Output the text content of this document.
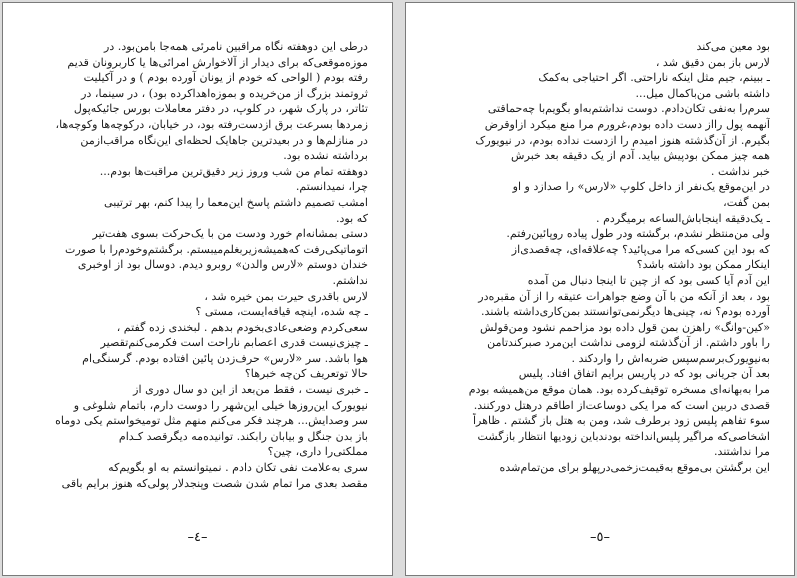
درطی این دوهفته نگاه مراقبین نامرئی همه‌جا بامن‌بود. در
موزه‌موقعی‌که برای دیدار از آلاخوارش امرائی‌ها یا کاربرونان قدیم
رفته بودم ( الواحی که خودم از یونان آورده بودم ) و در آکیلیت
ثروتمند بزرگ از من‌خریده و بموزه‌اهداکرده بود) ، در سینما، در
تئاتر، در پارک شهر، در کلوپ، در دفتر معاملات بورس جائیکه‌پول
زمردها بسرعت برق ازدست‌رفته بود، در خیابان، درکوچه‌ها وکوچه‌ها،
در منازلم‌ها و در بعیدترین جاهایک لحظه‌ای این‌نگاه مراقب‌ازمن
برداشته نشده بود.
دوهفته تمام من شب وروز زیر دقیق‌ترین مراقبت‌ها بودم...
چرا، نمیدانستم.
امشب تصمیم داشتم پاسخ این‌معما را پیدا کنم، بهر ترتیبی
که بود.
دستی بمشانه‌ام خورد ودست من با یک‌حرکت بسوی هفت‌تیر
اتوماتیکی‌رفت که‌همیشه‌زیربغلم‌میبستم. برگشتم‌وخودم‌را با صورت
خندان دوستم «لارس والدن» روبرو دیدم. دوسال بود از اوخبری
نداشتم.
لارس باقدری حیرت بمن خیره شد ،
ـ چه شده، اینچه قیافه‌ایست، مستی ؟
سعی‌کردم وضعی‌عادی‌بخودم بدهم . لبخندی زده گفتم ،
ـ چیزی‌نیست قدری اعصابم ناراحت است فکرمی‌کنم‌تقصیر
هوا باشد. سر «لارس» حرف‌زدن پائین افتاده بودم. گرسنگی‌ام
حالا توتعریف کن‌چه خبرها؟
ـ خبری نیست ، فقط من‌بعد از این دو سال دوری از
نیویورک این‌روزها خیلی این‌شهر را دوست دارم، باتمام شلوغی و
سر وصدایش... هرچند فکر می‌کنم منهم مثل تو‌میخواستم یکی دوماه
باز بدن جنگل و بیابان رابکند. توانیده‌مه دیگرقصد کـدام
مملکتی‌را داری، چین؟
سری به‌علامت نفی تکان دادم . نمیتوانستم به او بگویم‌که
مقصد بعدی مرا تمام شدن شصت وپنجدلار پولی‌که هنوز برایم باقی
–٤–
بود معین می‌کند
لارس باز بمن دقیق شد ،
ـ ببینم، جیم مثل اینکه ناراحتی. اگر احتیاجی به‌کمک
داشته باشی من‌باکمال میل...
سرم‌را به‌نفی تکان‌دادم. دوست نداشتم‌به‌او بگویم‌با چه‌حماقتی
آنهمه پول رااز دست داده بودم،غرورم مرا منع میکرد ازاوقرض
بگیرم. از آن‌گذشته هنوز امیدم را ازدست نداده بودم، در نیویورک
همه چیز ممکن بودپیش بیاید. آدم از یک دقیقه بعد خبرش
خبر نداشت .
در این‌موقع یک‌نفر از داخل کلوپ «لارس» را صدازد و او
بمن گفت،
ـ یک‌دقیقه اینجاباش‌الساعه برمیگردم .
ولی من‌منتظر نشدم، برگشته ودر طول پیاده روپائین‌رفتم.
که بود این کسی‌که مرا می‌پائید؟ چه‌علاقه‌ای، چه‌قصدی‌از
اینکار ممکن بود داشته باشد؟
این آدم آیا کسی بود که از چین تا اینجا دنبال من آمده
بود ، بعد از آنکه من با آن وضع جواهرات عتیقه را از آن مقبره‌در
آورده بودم؟ نه، چینی‌ها دیگرنمی‌توانستند بمن‌کاری‌داشته باشند.
«کین-وانگ» راهزن بمن قول داده بود مزاحمم نشود ومن‌قولش
را باور داشتم. از آن‌گذشته لزومی نداشت این‌مرد صبرکند‌تامن
به‌نیویورک‌برسم‌سپس ضربه‌اش را واردکند .
بعد آن جریانی بود که در پاریس برایم اتفاق افتاد. پلیس
مرا به‌بهانه‌ای مسخره توقیف‌کرده بود. همان موقع من‌همیشه بودم
قصدی دربین است که مرا یکی دوساعت‌از اطاقم درهتل دور‌کنند.
سوء تفاهم پلیس زود برطرف شد، ومن به هتل باز گشتم . ظاهراً
اشخاصی‌که مراگیر پلیس‌انداخته بودند‌باین زودیها انتظار بازگشت
مرا نداشتند.
این برگشتن بی‌موقع به‌قیمت‌زخمی‌درپهلو برای من‌تمام‌شده
–٥–
